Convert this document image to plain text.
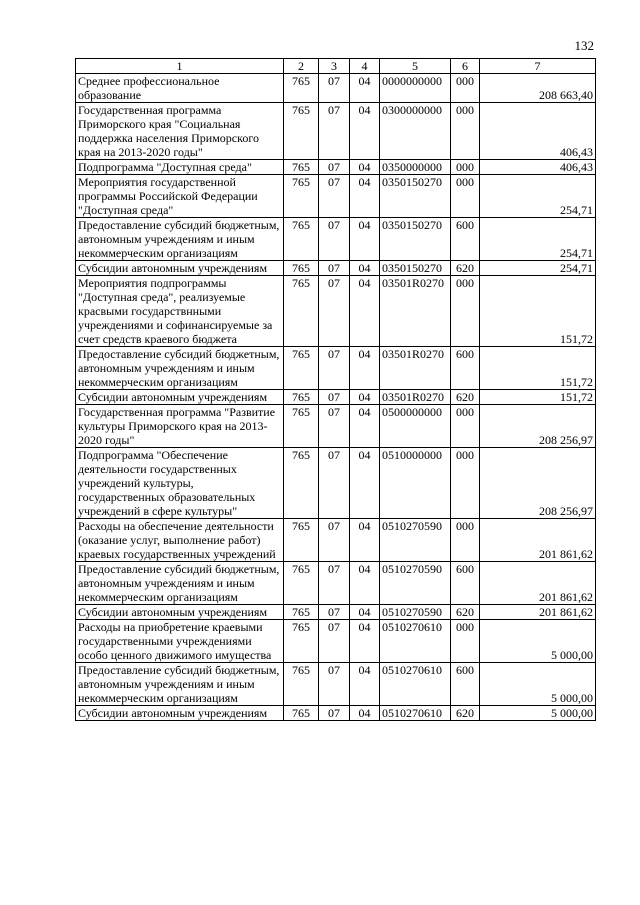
132
1	2	3	4	5	6	7
Среднее профессиональное образование	765	07	04	0000000000	000	208 663,40
Государственная программа Приморского края "Социальная поддержка населения Приморского края на 2013-2020 годы"	765	07	04	0300000000	000	406,43
Подпрограмма "Доступная среда"	765	07	04	0350000000	000	406,43
Мероприятия государственной программы Российской Федерации "Доступная среда"	765	07	04	0350150270	000	254,71
Предоставление субсидий бюджетным, автономным учреждениям и иным некоммерческим организациям	765	07	04	0350150270	600	254,71
Субсидии автономным учреждениям	765	07	04	0350150270	620	254,71
Мероприятия подпрограммы "Доступная среда", реализуемые красвыми государствнными учреждениями и софинансируемые за счет средств краевого бюджета	765	07	04	03501R0270	000	151,72
Предоставление субсидий бюджетным, автономным учреждениям и иным некоммерческим организациям	765	07	04	03501R0270	600	151,72
Субсидии автономным учреждениям	765	07	04	03501R0270	620	151,72
Государственная программа "Развитие культуры Приморского края на 2013-2020 годы"	765	07	04	0500000000	000	208 256,97
Подпрограмма "Обеспечение деятельности государственных учреждений культуры, государственных образовательных учреждений в сфере культуры"	765	07	04	0510000000	000	208 256,97
Расходы на обеспечение деятельности (оказание услуг, выполнение работ) краевых государственных учреждений	765	07	04	0510270590	000	201 861,62
Предоставление субсидий бюджетным, автономным учреждениям и иным некоммерческим организациям	765	07	04	0510270590	600	201 861,62
Субсидии автономным учреждениям	765	07	04	0510270590	620	201 861,62
Расходы на приобретение краевыми государственными учреждениями особо ценного движимого имущества	765	07	04	0510270610	000	5 000,00
Предоставление субсидий бюджетным, автономным учреждениям и иным некоммерческим организациям	765	07	04	0510270610	600	5 000,00
Субсидии автономным учреждениям	765	07	04	0510270610	620	5 000,00
